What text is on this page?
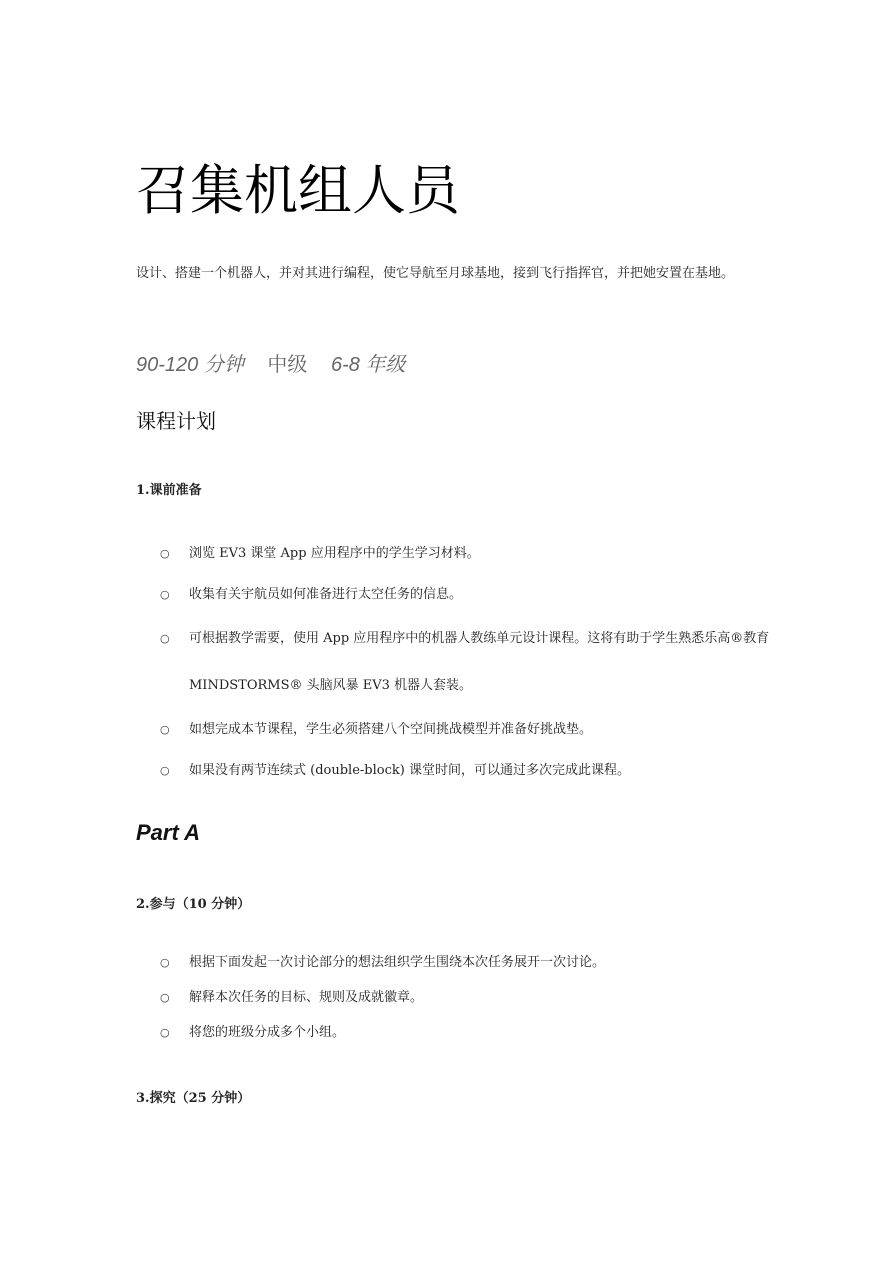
召集机组人员

设计、搭建一个机器人，并对其进行编程，使它导航至月球基地，接到飞行指挥官，并把她安置在基地。

90-120 分钟 中级 6-8 年级
课程计划
1.课前准备
○ 浏览 EV3 课堂 App 应用程序中的学生学习材料。
○ 收集有关宇航员如何准备进行太空任务的信息。
○ 可根据教学需要，使用 App 应用程序中的机器人教练单元设计课程。这将有助于学生熟悉乐高®教育 MINDSTORMS® 头脑风暴 EV3 机器人套装。
○ 如想完成本节课程，学生必须搭建八个空间挑战模型并准备好挑战垫。
○ 如果没有两节连续式 (double-block) 课堂时间，可以通过多次完成此课程。
Part A
2.参与（10 分钟）
○ 根据下面发起一次讨论部分的想法组织学生围绕本次任务展开一次讨论。
○ 解释本次任务的目标、规则及成就徽章。
○ 将您的班级分成多个小组。
3.探究（25 分钟）
